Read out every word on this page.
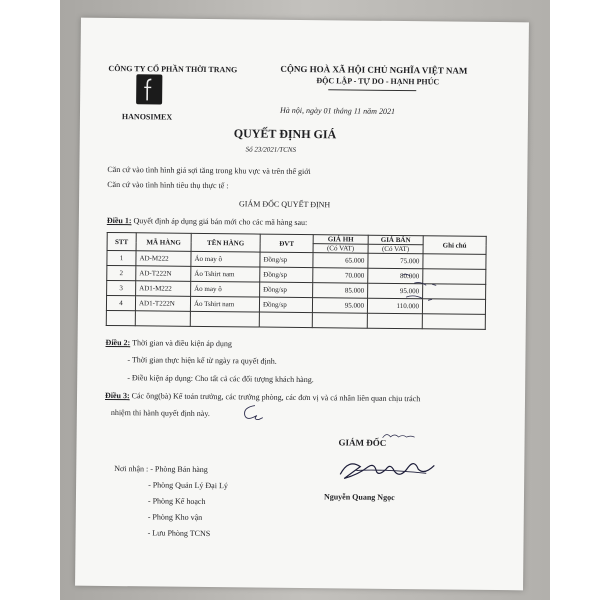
CÔNG TY CỔ PHẦN THỜI TRANG
HANOSIMEX
CỘNG HOÀ XÃ HỘI CHỦ NGHĨA VIỆT NAM
ĐỘC LẬP - TỰ DO - HẠNH PHÚC
Hà nội, ngày 01 tháng 11 năm 2021
QUYẾT ĐỊNH GIÁ
Số 23/2021/TCNS
Căn cứ vào tình hình giá sợi tăng trong khu vực và trên thế giới
Căn cứ vào tình hình tiêu thụ thực tế :
GIÁM ĐỐC QUYẾT ĐỊNH
Điều 1: Quyết định áp dụng giá bán mới cho các mã hàng sau:
STT	MÃ HÀNG	TÊN HÀNG	ĐVT	GIÁ HH	GIÁ BÁN	Ghi chú
				(Có VAT)	(Có VAT)	
1	AD-M222	Áo may ô	Đồng/sp	65.000	75.000	
2	AD-T222N	Áo Tshirt nam	Đồng/sp	70.000	80.000	
3	AD1-M222	Áo may ô	Đồng/sp	85.000	95.000	
4	AD1-T222N	Áo Tshirt nam	Đồng/sp	95.000	110.000	

Điều 2: Thời gian và điều kiện áp dụng
- Thời gian thực hiện kể từ ngày ra quyết định.
- Điều kiện áp dụng: Cho tất cả các đối tượng khách hàng.
Điều 3: Các ông(bà) Kế toán trưởng, các trưởng phòng, các đơn vị và cá nhân liên quan chịu trách
nhiệm thi hành quyết định này.
GIÁM ĐỐC
Nơi nhận : - Phòng Bán hàng
- Phòng Quản Lý Đại Lý
- Phòng Kế hoạch
- Phòng Kho vận
- Lưu Phòng TCNS
Nguyễn Quang Ngọc
